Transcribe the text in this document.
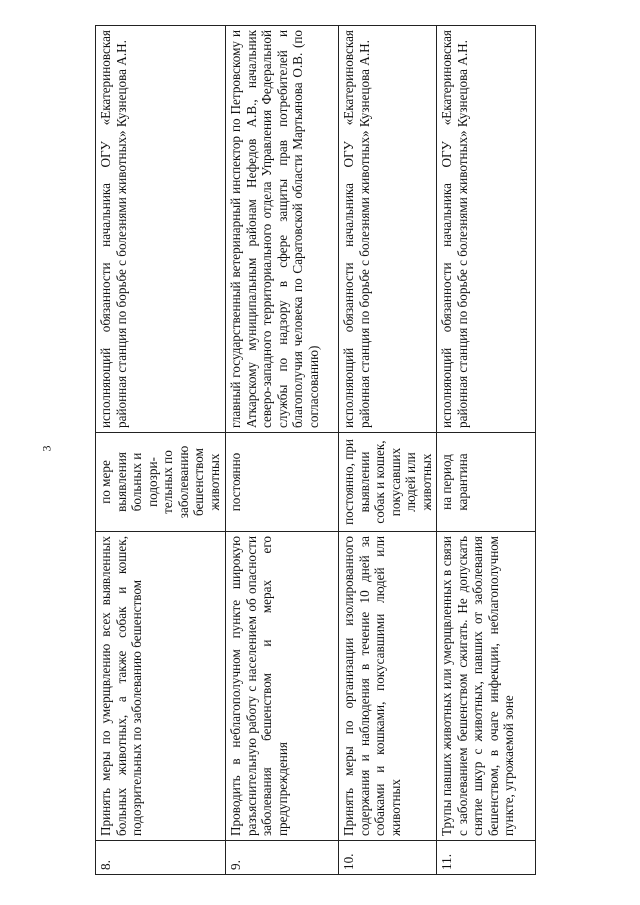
3
8.	Принять меры по умерщвлению всех выявленных больных животных, а также собак и кошек, подозрительных по заболеванию бешенством	по мере выявления больных и подозри-тельных по заболеванию бешенством животных	исполняющий обязанности начальника ОГУ «Екатериновская районная станция по борьбе с болезнями животных» Кузнецова А.Н.
9.	Проводить в неблагополучном пункте широкую разъяснительную работу с населением об опасности заболевания бешенством и мерах его предупреждения	постоянно	главный государственный ветеринарный инспектор по Петровскому и Аткарскому муниципальным районам Нефедов А.В., начальник северо-западного территориального отдела Управления Федеральной службы по надзору в сфере защиты прав потребителей и благополучия человека по Саратовской области Мартьянова О.В. (по согласованию)
10.	Принять меры по организации изолированного содержания и наблюдения в течение 10 дней за собаками и кошками, покусавшими людей или животных	постоянно, при выявлении собак и кошек, покусавших людей или животных	исполняющий обязанности начальника ОГУ «Екатериновская районная станция по борьбе с болезнями животных» Кузнецова А.Н.
11.	Трупы павших животных или умерщвленных в связи с заболеванием бешенством сжигать. Не допускать снятие шкур с животных, павших от заболевания бешенством, в очаге инфекции, неблагополучном пункте, угрожаемой зоне	на период карантина	исполняющий обязанности начальника ОГУ «Екатериновская районная станция по борьбе с болезнями животных» Кузнецова А.Н.
